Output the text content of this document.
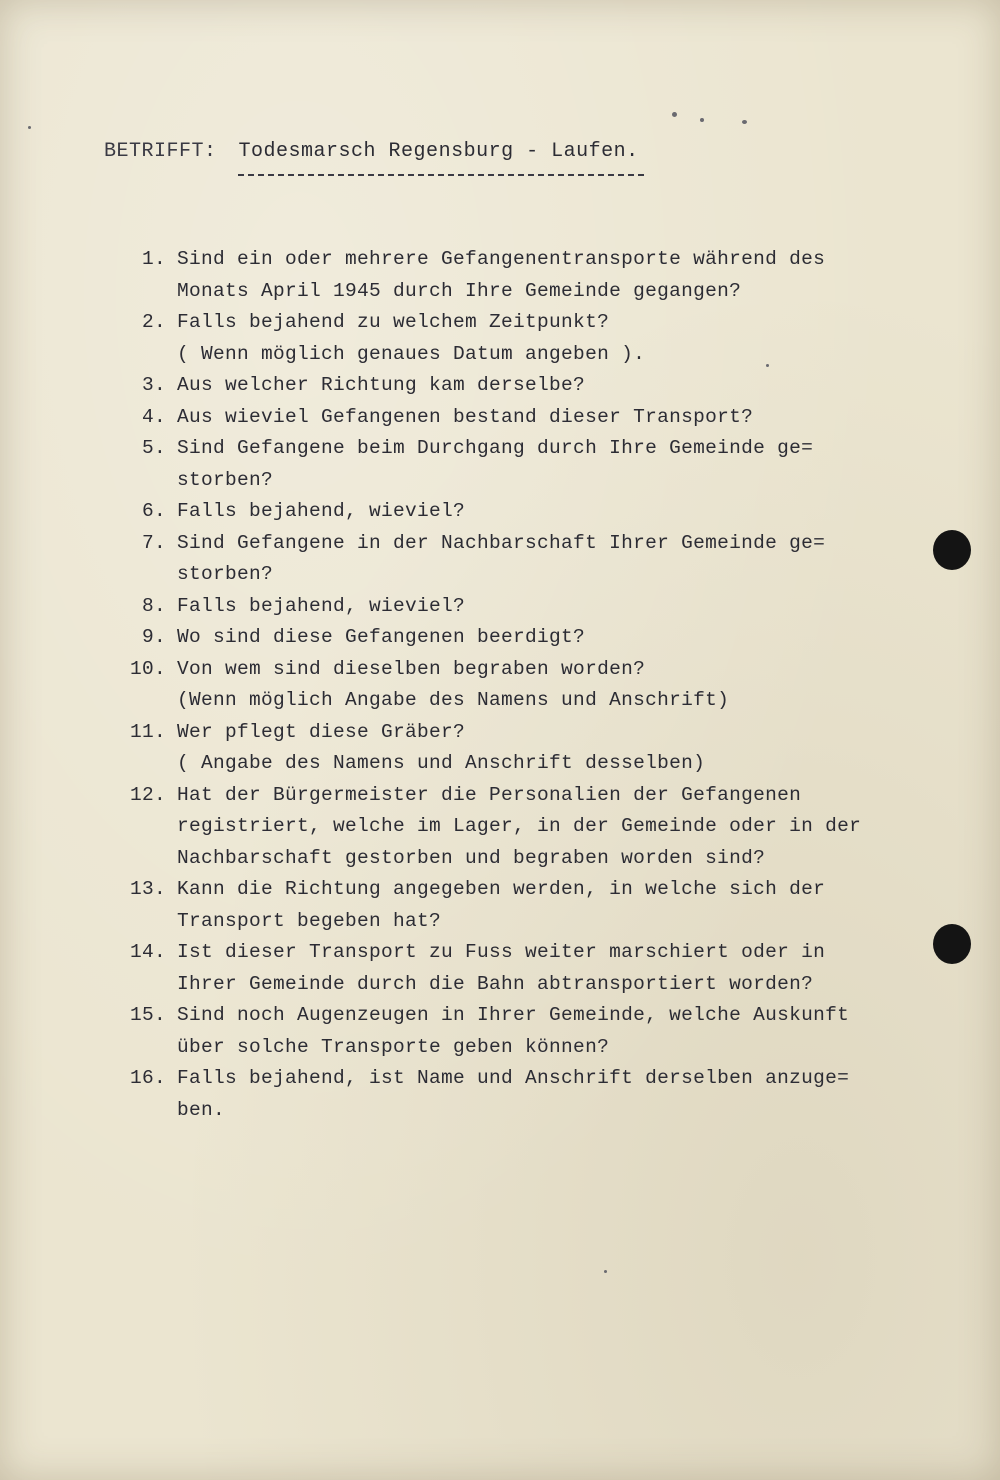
BETRIFFT: Todesmarsch Regensburg - Laufen.
1. Sind ein oder mehrere Gefangenentransporte während des
Monats April 1945 durch Ihre Gemeinde gegangen?
2. Falls bejahend zu welchem Zeitpunkt?
( Wenn möglich genaues Datum angeben ).
3. Aus welcher Richtung kam derselbe?
4. Aus wieviel Gefangenen bestand dieser Transport?
5. Sind Gefangene beim Durchgang durch Ihre Gemeinde ge=
storben?
6. Falls bejahend, wieviel?
7. Sind Gefangene in der Nachbarschaft Ihrer Gemeinde ge=
storben?
8. Falls bejahend, wieviel?
9. Wo sind diese Gefangenen beerdigt?
10. Von wem sind dieselben begraben worden?
(Wenn möglich Angabe des Namens und Anschrift)
11. Wer pflegt diese Gräber?
( Angabe des Namens und Anschrift desselben)
12. Hat der Bürgermeister die Personalien der Gefangenen
registriert, welche im Lager, in der Gemeinde oder in der
Nachbarschaft gestorben und begraben worden sind?
13. Kann die Richtung angegeben werden, in welche sich der
Transport begeben hat?
14. Ist dieser Transport zu Fuss weiter marschiert oder in
Ihrer Gemeinde durch die Bahn abtransportiert worden?
15. Sind noch Augenzeugen in Ihrer Gemeinde, welche Auskunft
über solche Transporte geben können?
16. Falls bejahend, ist Name und Anschrift derselben anzuge=
ben.
